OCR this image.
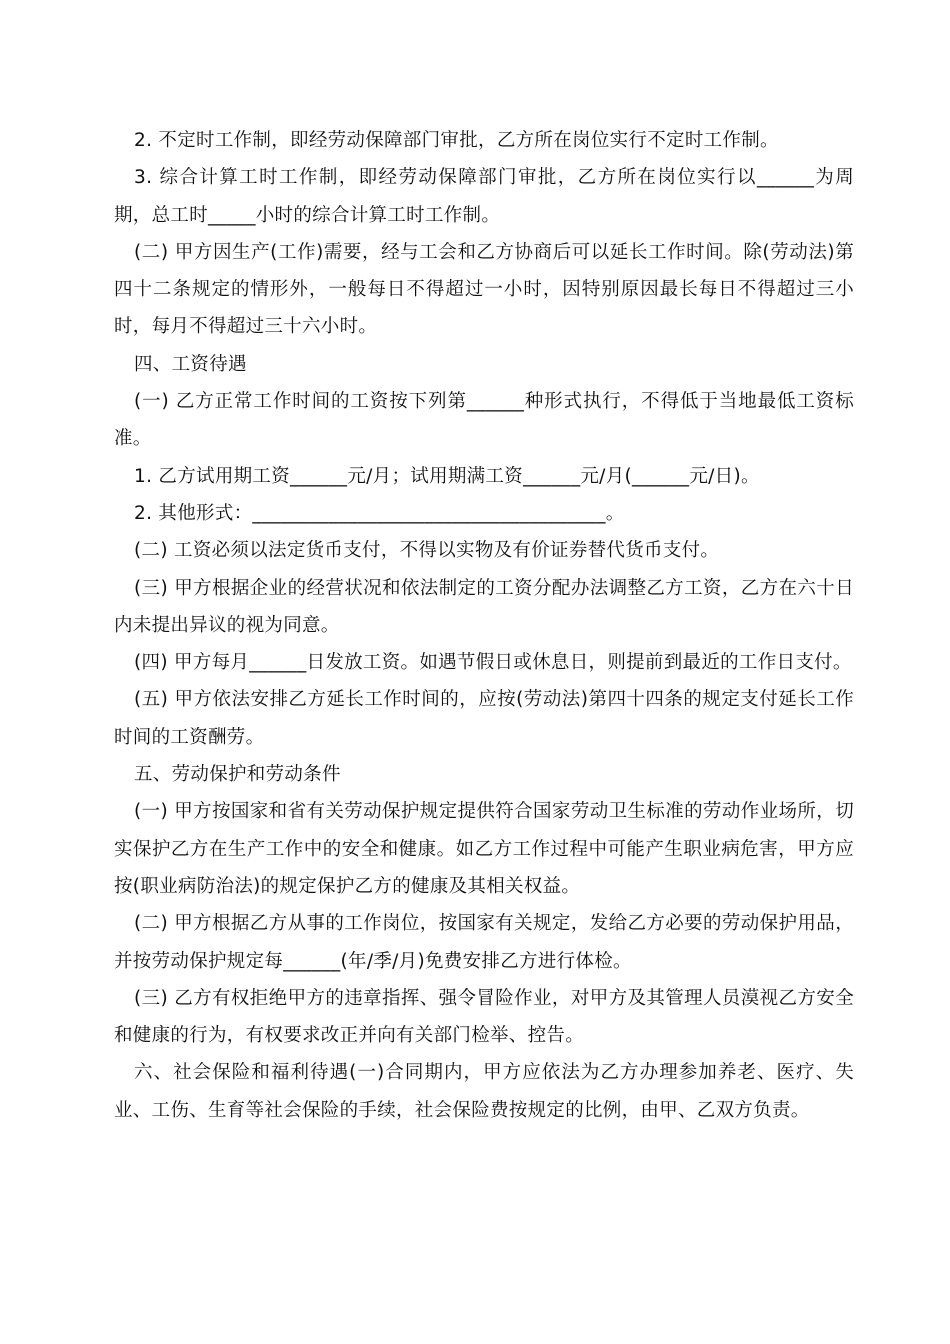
2. 不定时工作制，即经劳动保障部门审批，乙方所在岗位实行不定时工作制。

3. 综合计算工时工作制，即经劳动保障部门审批，乙方所在岗位实行以______为周期，总工时_____小时的综合计算工时工作制。

(二) 甲方因生产(工作)需要，经与工会和乙方协商后可以延长工作时间。除(劳动法)第四十二条规定的情形外，一般每日不得超过一小时，因特别原因最长每日不得超过三小时，每月不得超过三十六小时。

四、工资待遇

(一) 乙方正常工作时间的工资按下列第______种形式执行，不得低于当地最低工资标准。

1. 乙方试用期工资______元/月；试用期满工资______元/月(______元/日)。

2. 其他形式：_____________________________________。

(二) 工资必须以法定货币支付，不得以实物及有价证券替代货币支付。

(三) 甲方根据企业的经营状况和依法制定的工资分配办法调整乙方工资，乙方在六十日内未提出异议的视为同意。

(四) 甲方每月______日发放工资。如遇节假日或休息日，则提前到最近的工作日支付。

(五) 甲方依法安排乙方延长工作时间的，应按(劳动法)第四十四条的规定支付延长工作时间的工资酬劳。

五、劳动保护和劳动条件

(一) 甲方按国家和省有关劳动保护规定提供符合国家劳动卫生标准的劳动作业场所，切实保护乙方在生产工作中的安全和健康。如乙方工作过程中可能产生职业病危害，甲方应按(职业病防治法)的规定保护乙方的健康及其相关权益。

(二) 甲方根据乙方从事的工作岗位，按国家有关规定，发给乙方必要的劳动保护用品，并按劳动保护规定每______(年/季/月)免费安排乙方进行体检。

(三) 乙方有权拒绝甲方的违章指挥、强令冒险作业，对甲方及其管理人员漠视乙方安全和健康的行为，有权要求改正并向有关部门检举、控告。

六、社会保险和福利待遇(一)合同期内，甲方应依法为乙方办理参加养老、医疗、失业、工伤、生育等社会保险的手续，社会保险费按规定的比例，由甲、乙双方负责。
